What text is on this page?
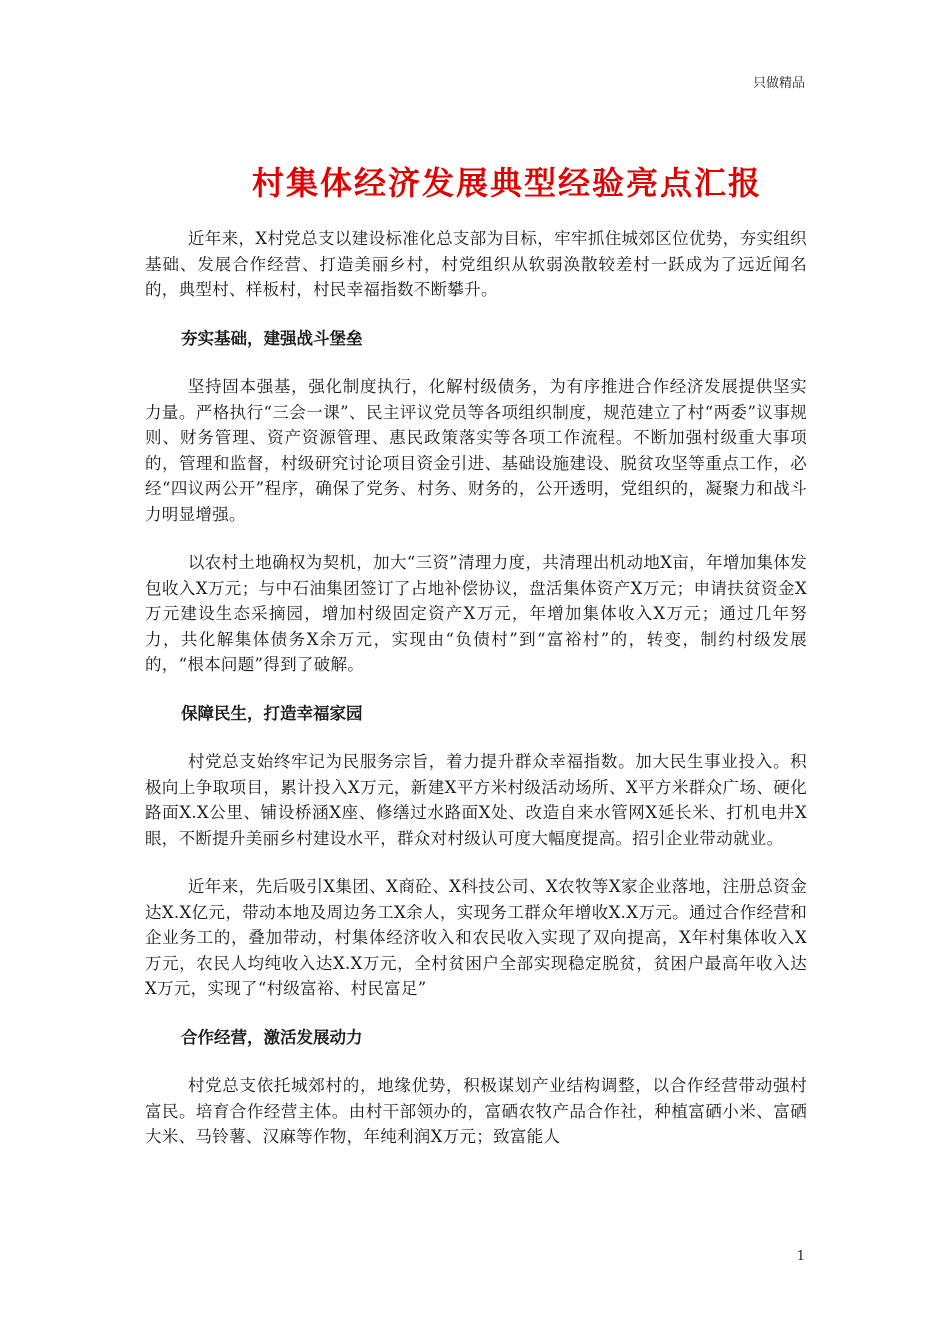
只做精品
村集体经济发展典型经验亮点汇报

近年来，X村党总支以建设标准化总支部为目标，牢牢抓住城郊区位优势，夯实组织基础、发展合作经营、打造美丽乡村，村党组织从软弱涣散较差村一跃成为了远近闻名的，典型村、样板村，村民幸福指数不断攀升。

夯实基础，建强战斗堡垒

坚持固本强基，强化制度执行，化解村级债务，为有序推进合作经济发展提供坚实力量。严格执行“三会一课”、民主评议党员等各项组织制度，规范建立了村“两委”议事规则、财务管理、资产资源管理、惠民政策落实等各项工作流程。不断加强村级重大事项的，管理和监督，村级研究讨论项目资金引进、基础设施建设、脱贫攻坚等重点工作，必经“四议两公开”程序，确保了党务、村务、财务的，公开透明，党组织的，凝聚力和战斗力明显增强。

以农村土地确权为契机，加大“三资”清理力度，共清理出机动地X亩，年增加集体发包收入X万元；与中石油集团签订了占地补偿协议，盘活集体资产X万元；申请扶贫资金X万元建设生态采摘园，增加村级固定资产X万元，年增加集体收入X万元；通过几年努力，共化解集体债务X余万元，实现由“负债村”到“富裕村”的，转变，制约村级发展的，“根本问题”得到了破解。

保障民生，打造幸福家园

村党总支始终牢记为民服务宗旨，着力提升群众幸福指数。加大民生事业投入。积极向上争取项目，累计投入X万元，新建X平方米村级活动场所、X平方米群众广场、硬化路面X.X公里、铺设桥涵X座、修缮过水路面X处、改造自来水管网X延长米、打机电井X眼，不断提升美丽乡村建设水平，群众对村级认可度大幅度提高。招引企业带动就业。

近年来，先后吸引X集团、X商砼、X科技公司、X农牧等X家企业落地，注册总资金达X.X亿元，带动本地及周边务工X余人，实现务工群众年增收X.X万元。通过合作经营和企业务工的，叠加带动，村集体经济收入和农民收入实现了双向提高，X年村集体收入X万元，农民人均纯收入达X.X万元，全村贫困户全部实现稳定脱贫，贫困户最高年收入达X万元，实现了“村级富裕、村民富足”

合作经营，激活发展动力

村党总支依托城郊村的，地缘优势，积极谋划产业结构调整，以合作经营带动强村富民。培育合作经营主体。由村干部领办的，富硒农牧产品合作社，种植富硒小米、富硒大米、马铃薯、汉麻等作物，年纯利润X万元；致富能人

1
